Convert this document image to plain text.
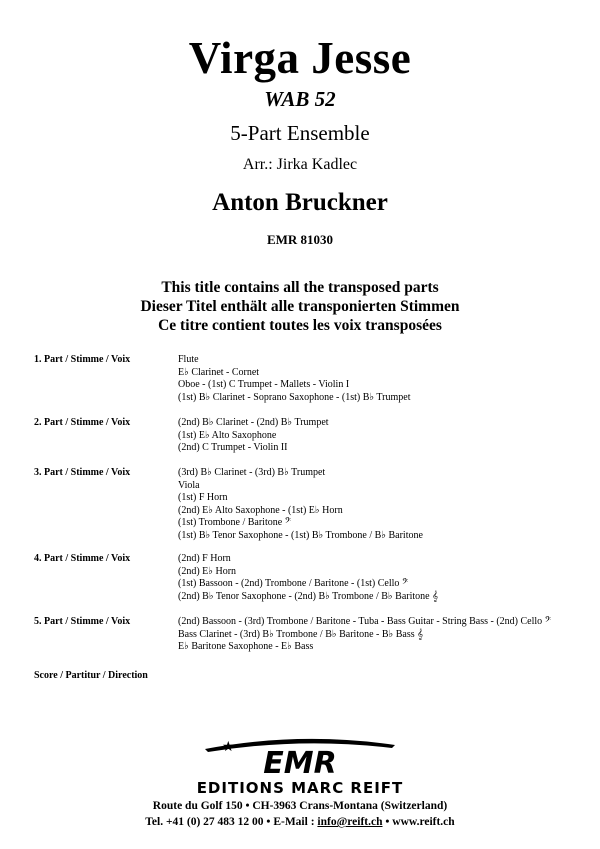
Virga Jesse
WAB 52
5-Part Ensemble
Arr.: Jirka Kadlec
Anton Bruckner
EMR 81030
This title contains all the transposed parts
Dieser Titel enthält alle transponierten Stimmen
Ce titre contient toutes les voix transposées
1. Part / Stimme / Voix	Flute
E♭ Clarinet - Cornet
Oboe - (1st) C Trumpet - Mallets - Violin I
(1st) B♭ Clarinet - Soprano Saxophone - (1st) B♭ Trumpet
2. Part / Stimme / Voix	(2nd) B♭ Clarinet - (2nd) B♭ Trumpet
(1st) E♭ Alto Saxophone
(2nd) C Trumpet - Violin II
3. Part / Stimme / Voix	(3rd) B♭ Clarinet - (3rd) B♭ Trumpet
Viola
(1st) F Horn
(2nd) E♭ Alto Saxophone - (1st) E♭ Horn
(1st) Trombone / Baritone 𝄢
(1st) B♭ Tenor Saxophone - (1st) B♭ Trombone / B♭ Baritone
4. Part / Stimme / Voix	(2nd) F Horn
(2nd) E♭ Horn
(1st) Bassoon - (2nd) Trombone / Baritone - (1st) Cello 𝄢
(2nd) B♭ Tenor Saxophone - (2nd) B♭ Trombone / B♭ Baritone 𝄞
5. Part / Stimme / Voix	(2nd) Bassoon - (3rd) Trombone / Baritone - Tuba - Bass Guitar - String Bass - (2nd) Cello 𝄢
Bass Clarinet - (3rd) B♭ Trombone / B♭ Baritone - B♭ Bass 𝄞
E♭ Baritone Saxophone - E♭ Bass
Score / Partitur / Direction
★ EMR
EDITIONS MARC REIFT
Route du Golf 150 • CH-3963 Crans-Montana (Switzerland)
Tel. +41 (0) 27 483 12 00 • E-Mail : info@reift.ch • www.reift.ch
